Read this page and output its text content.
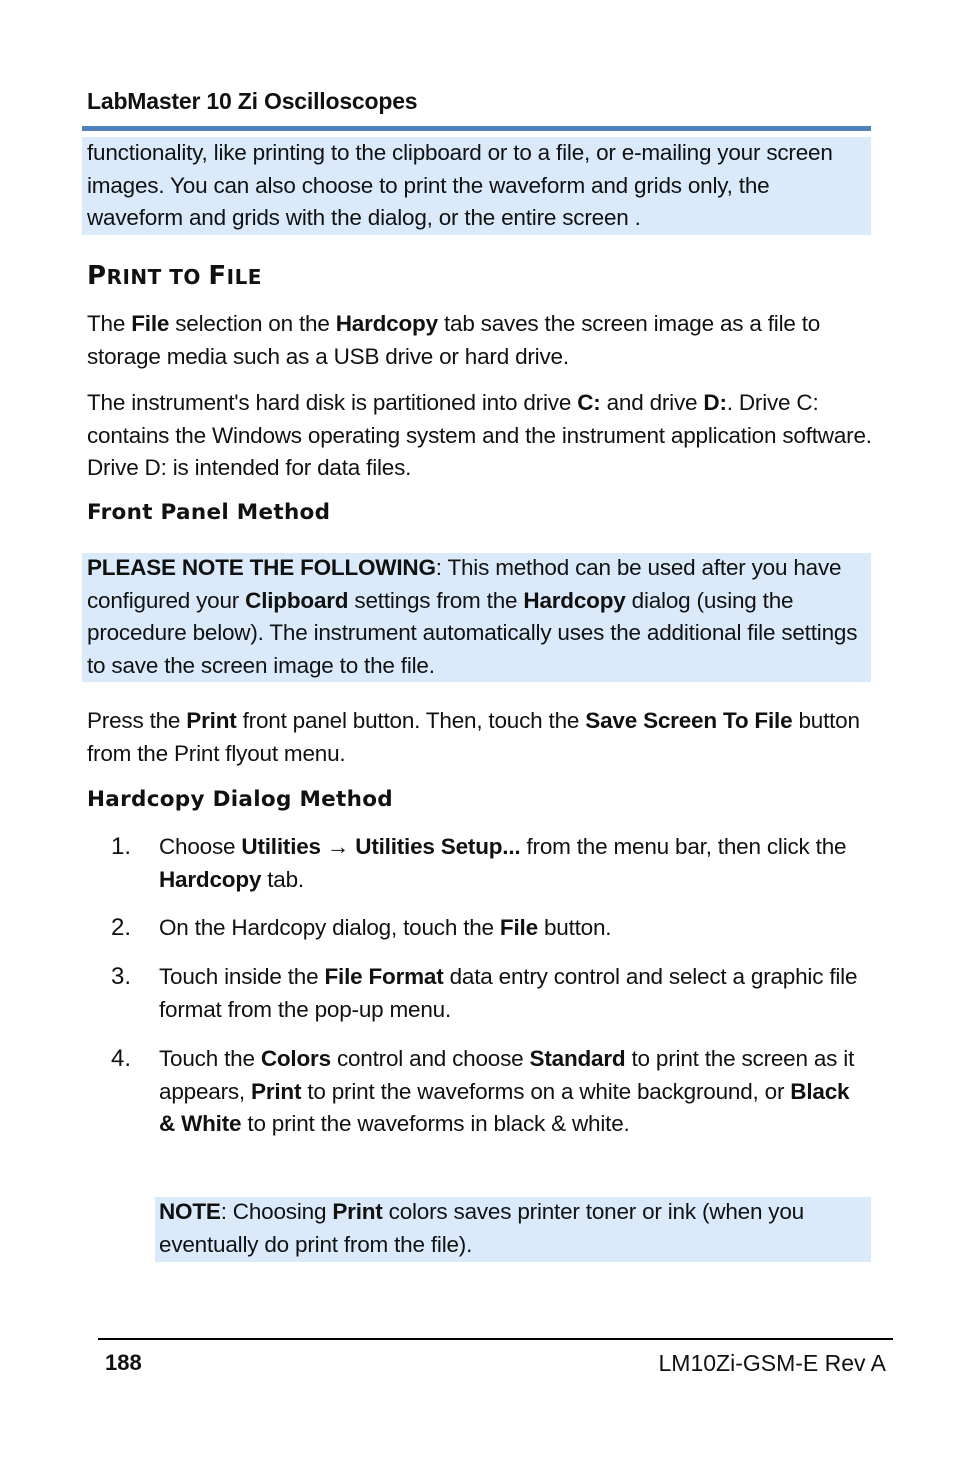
LabMaster 10 Zi Oscilloscopes
functionality, like printing to the clipboard or to a file, or e-mailing your screen images. You can also choose to print the waveform and grids only, the waveform and grids with the dialog, or the entire screen .
PRINT TO FILE
The File selection on the Hardcopy tab saves the screen image as a file to storage media such as a USB drive or hard drive.
The instrument's hard disk is partitioned into drive C: and drive D:. Drive C: contains the Windows operating system and the instrument application software. Drive D: is intended for data files.
Front Panel Method
PLEASE NOTE THE FOLLOWING: This method can be used after you have configured your Clipboard settings from the Hardcopy dialog (using the procedure below). The instrument automatically uses the additional file settings to save the screen image to the file.
Press the Print front panel button. Then, touch the Save Screen To File button from the Print flyout menu.
Hardcopy Dialog Method
1. Choose Utilities → Utilities Setup... from the menu bar, then click the Hardcopy tab.
2. On the Hardcopy dialog, touch the File button.
3. Touch inside the File Format data entry control and select a graphic file format from the pop-up menu.
4. Touch the Colors control and choose Standard to print the screen as it appears, Print to print the waveforms on a white background, or Black & White to print the waveforms in black & white.
NOTE: Choosing Print colors saves printer toner or ink (when you eventually do print from the file).
188	LM10Zi-GSM-E Rev A
